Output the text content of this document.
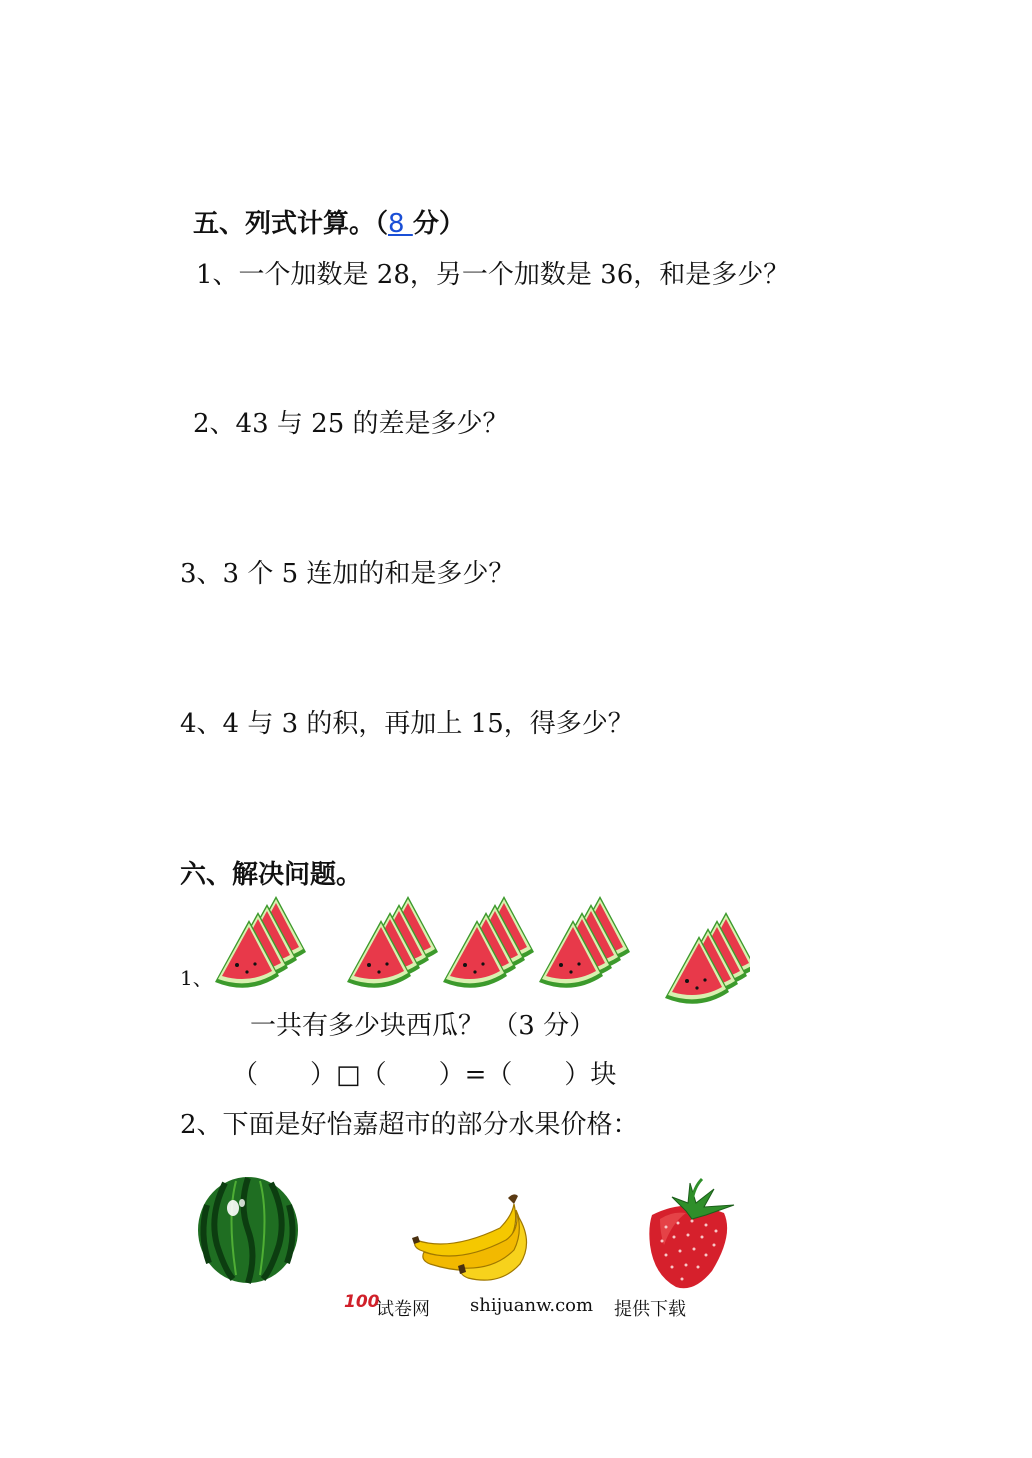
五、列式计算。（8 分）
1、一个加数是 28，另一个加数是 36，和是多少？
2、43 与 25 的差是多少？
3、3 个 5 连加的和是多少？
4、4 与 3 的积，再加上 15，得多少？
六、解决问题。
1、
一共有多少块西瓜？ （3 分）
（　　）□（　　）=（　　）块
2、下面是好怡嘉超市的部分水果价格：
100
试卷网 shijuanw.com 提供下载
